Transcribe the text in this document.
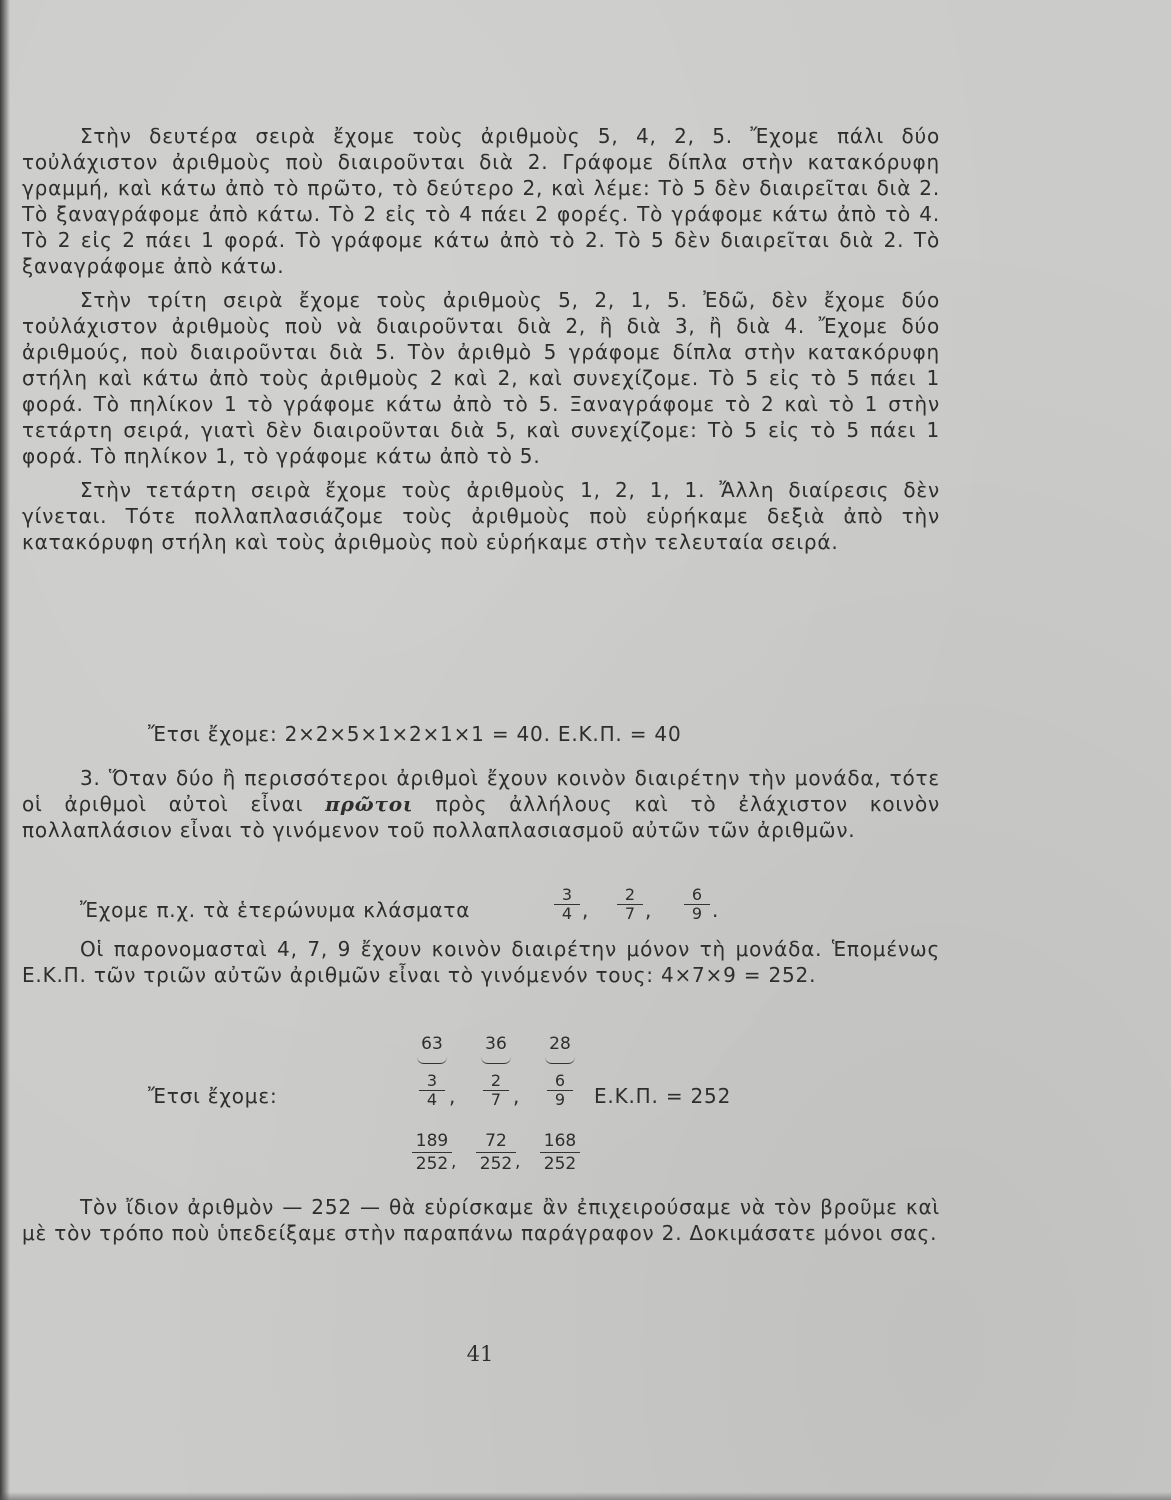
Στὴν δευτέρα σειρὰ ἔχομε τοὺς ἀριθμοὺς 5, 4, 2, 5. Ἔχομε πάλι δύο τοὐλάχιστον ἀριθμοὺς ποὺ διαιροῦνται διὰ 2. Γράφομε δίπλα στὴν κατακόρυφη γραμμή, καὶ κάτω ἀπὸ τὸ πρῶτο, τὸ δεύτερο 2, καὶ λέμε: Τὸ 5 δὲν διαιρεῖται διὰ 2. Τὸ ξαναγράφομε ἀπὸ κάτω. Τὸ 2 εἰς τὸ 4 πάει 2 φορές. Τὸ γράφομε κάτω ἀπὸ τὸ 4. Τὸ 2 εἰς 2 πάει 1 φορά. Τὸ γράφομε κάτω ἀπὸ τὸ 2. Τὸ 5 δὲν διαιρεῖται διὰ 2. Τὸ ξαναγράφομε ἀπὸ κάτω.

Στὴν τρίτη σειρὰ ἔχομε τοὺς ἀριθμοὺς 5, 2, 1, 5. Ἐδῶ, δὲν ἔχομε δύο τοὐλάχιστον ἀριθμοὺς ποὺ νὰ διαιροῦνται διὰ 2, ἢ διὰ 3, ἢ διὰ 4. Ἔχομε δύο ἀριθμούς, ποὺ διαιροῦνται διὰ 5. Τὸν ἀριθμὸ 5 γράφομε δίπλα στὴν κατακόρυφη στήλη καὶ κάτω ἀπὸ τοὺς ἀριθμοὺς 2 καὶ 2, καὶ συνεχίζομε. Τὸ 5 εἰς τὸ 5 πάει 1 φορά. Τὸ πηλίκον 1 τὸ γράφομε κάτω ἀπὸ τὸ 5. Ξαναγράφομε τὸ 2 καὶ τὸ 1 στὴν τετάρτη σειρά, γιατὶ δὲν διαιροῦνται διὰ 5, καὶ συνεχίζομε: Τὸ 5 εἰς τὸ 5 πάει 1 φορά. Τὸ πηλίκον 1, τὸ γράφομε κάτω ἀπὸ τὸ 5.

Στὴν τετάρτη σειρὰ ἔχομε τοὺς ἀριθμοὺς 1, 2, 1, 1. Ἄλλη διαίρεσις δὲν γίνεται. Τότε πολλαπλασιάζομε τοὺς ἀριθμοὺς ποὺ εὑρήκαμε δεξιὰ ἀπὸ τὴν κατακόρυφη στήλη καὶ τοὺς ἀριθμοὺς ποὺ εὑρήκαμε στὴν τελευταία σειρά.

Ἔτσι ἔχομε: 2×2×5×1×2×1×1 = 40. Ε.Κ.Π. = 40

3. Ὅταν δύο ἢ περισσότεροι ἀριθμοὶ ἔχουν κοινὸν διαιρέτην τὴν μονάδα, τότε οἱ ἀριθμοὶ αὐτοὶ εἶναι πρῶτοι πρὸς ἀλλήλους καὶ τὸ ἐλάχιστον κοινὸν πολλαπλάσιον εἶναι τὸ γινόμενον τοῦ πολλαπλασιασμοῦ αὐτῶν τῶν ἀριθμῶν.

Ἔχομε π.χ. τὰ ἑτερώνυμα κλάσματα	$\frac{3}{4}$ , $\frac{2}{7}$ , $\frac{6}{9}$ .

Οἱ παρονομασταὶ 4, 7, 9 ἔχουν κοινὸν διαιρέτην μόνον τὴ μονάδα. Ἑπομένως Ε.Κ.Π. τῶν τριῶν αὐτῶν ἀριθμῶν εἶναι τὸ γινόμενόν τους: 4×7×9 = 252.

63	36	28
Ἔτσι ἔχομε:	$\frac{3}{4}$ , $\frac{2}{7}$ , $\frac{6}{9} E.K.\Pi$. = 252
189
252 ,
72
252 ,
168
252

Τὸν ἴδιον ἀριθμὸν — 252 — θὰ εὑρίσκαμε ἂν ἐπιχειρούσαμε νὰ τὸν βροῦμε καὶ μὲ τὸν τρόπο ποὺ ὑπεδείξαμε στὴν παραπάνω παράγραφον 2. Δοκιμάσατε μόνοι σας.

41
